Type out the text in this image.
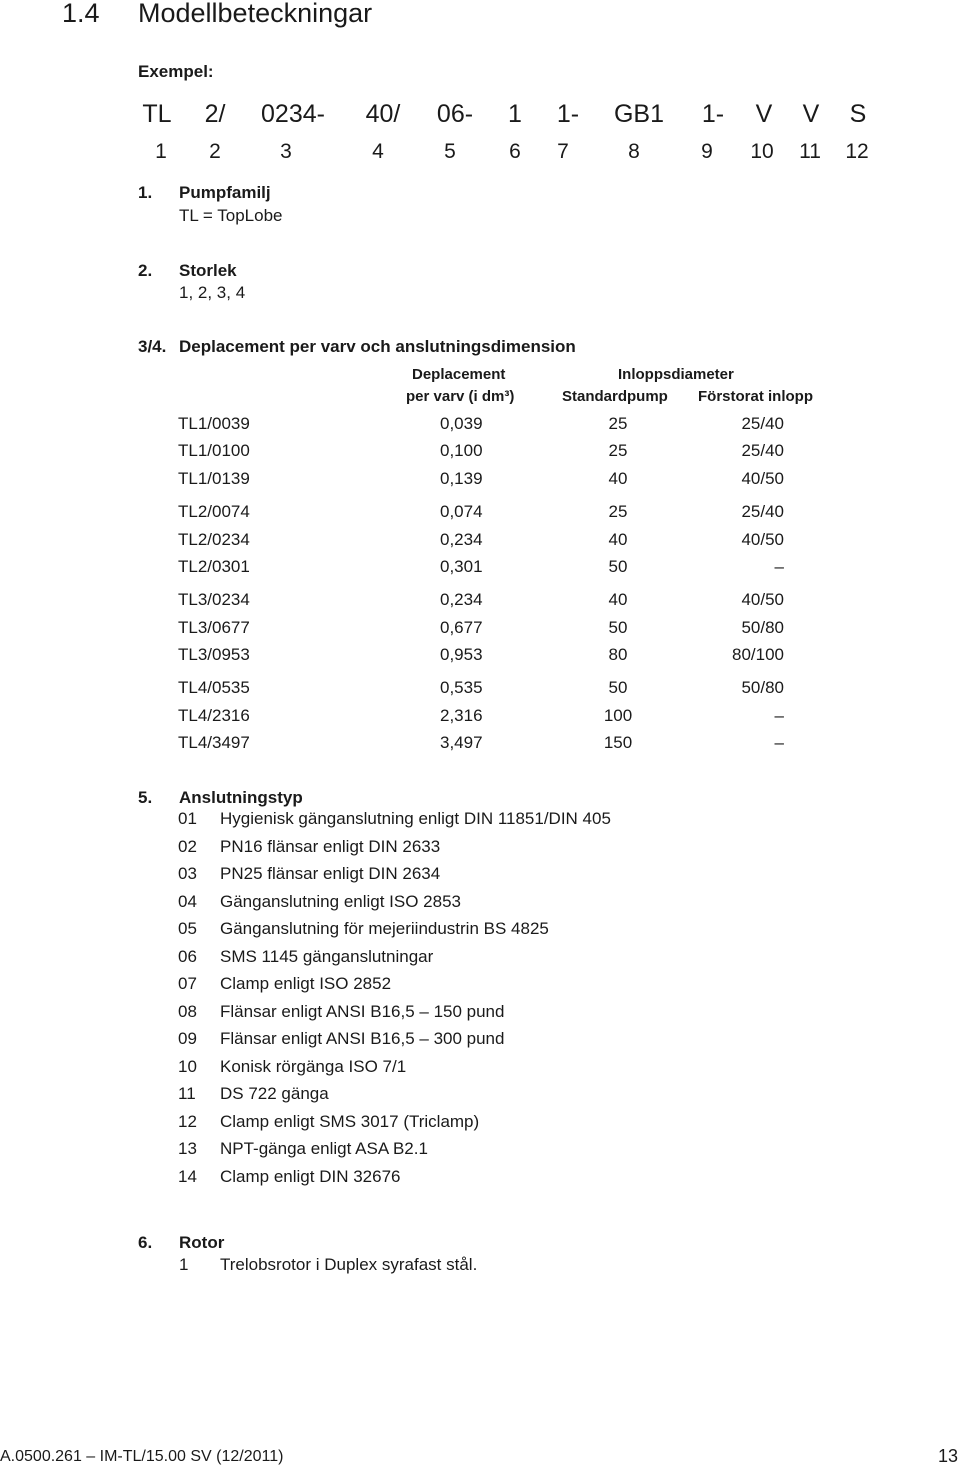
1.4 Modellbeteckningar
Exempel:
TL 2/ 0234- 40/ 06- 1 1- GB1 1- V V S
1 2	3	4	5	6 7	8	9 10 11 12
1. Pumpfamilj
TL = TopLobe
2. Storlek
1, 2, 3, 4
3/4. Deplacement per varv och anslutningsdimension
Deplacement
per varv (i dm³)
Inloppsdiameter
Standardpump Förstorat inlopp
TL1/0039	0,039	25	25/40
TL1/0100	0,100	25	25/40
TL1/0139	0,139	40	40/50
TL2/0074	0,074	25	25/40
TL2/0234	0,234	40	40/50
TL2/0301	0,301	50	–
TL3/0234	0,234	40	40/50
TL3/0677	0,677	50	50/80
TL3/0953	0,953	80	80/100
TL4/0535	0,535	50	50/80
TL4/2316	2,316	100	–
TL4/3497	3,497	150	–
5. Anslutningstyp
01 Hygienisk gänganslutning enligt DIN 11851/DIN 405
02 PN16 flänsar enligt DIN 2633
03 PN25 flänsar enligt DIN 2634
04 Gänganslutning enligt ISO 2853
05 Gänganslutning för mejeriindustrin BS 4825
06 SMS 1145 gänganslutningar
07 Clamp enligt ISO 2852
08 Flänsar enligt ANSI B16,5 – 150 pund
09 Flänsar enligt ANSI B16,5 – 300 pund
10 Konisk rörgänga ISO 7/1
11 DS 722 gänga
12 Clamp enligt SMS 3017 (Triclamp)
13 NPT-gänga enligt ASA B2.1
14 Clamp enligt DIN 32676
6. Rotor
1 Trelobsrotor i Duplex syrafast stål.
A.0500.261 – IM-TL/15.00 SV (12/2011)	13
